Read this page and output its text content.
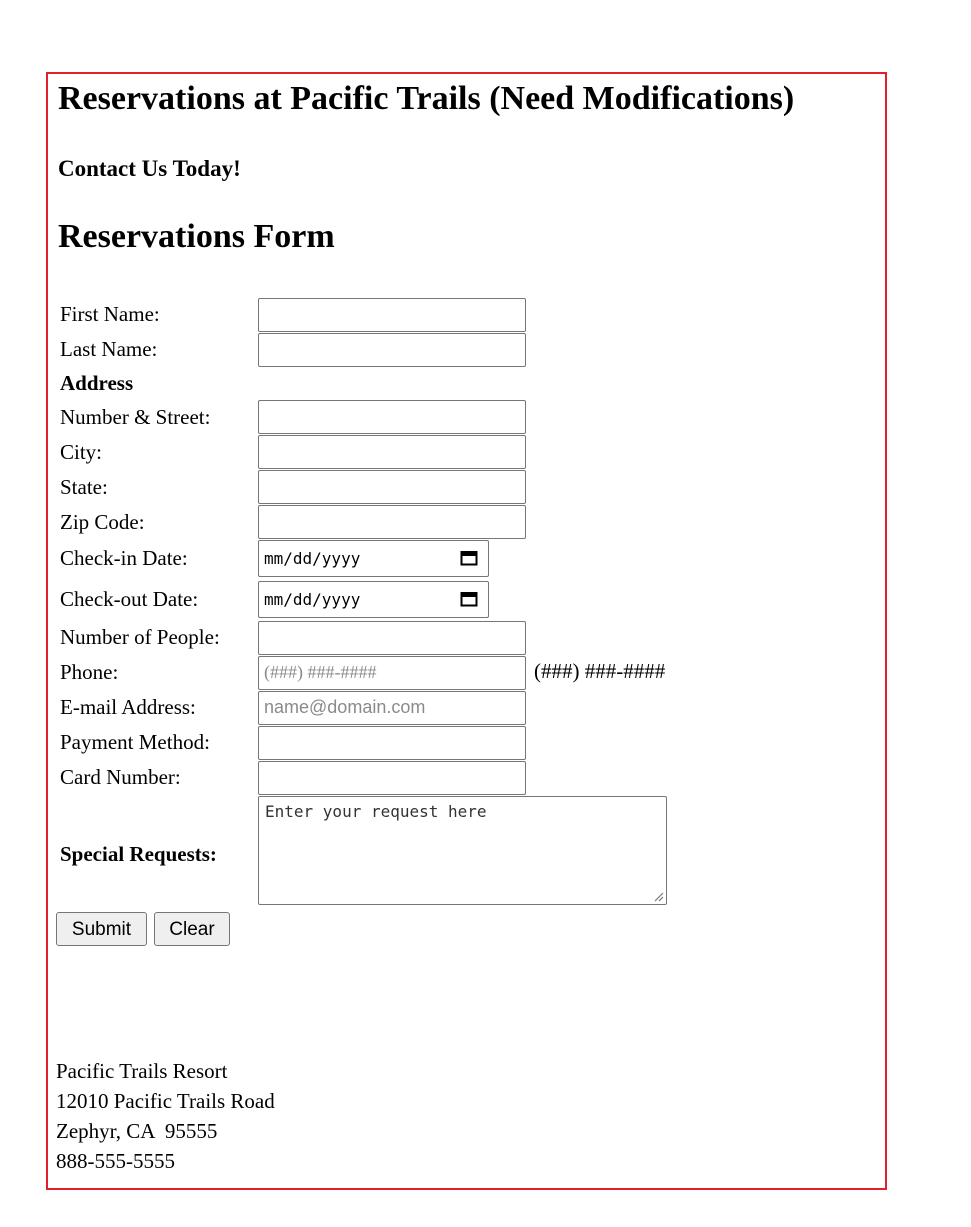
Reservations at Pacific Trails (Need Modifications)
Contact Us Today!
Reservations Form
First Name:
Last Name:
Address
Number & Street:
City:
State:
Zip Code:
Check-in Date:	mm/dd/yyyy
Check-out Date:	mm/dd/yyyy
Number of People:
Phone:	(###) ###-####	(###) ###-####
E-mail Address:	name@domain.com
Payment Method:
Card Number:
Special Requests:
Enter your request here
Submit	Clear
Pacific Trails Resort
12010 Pacific Trails Road
Zephyr, CA  95555
888-555-5555
